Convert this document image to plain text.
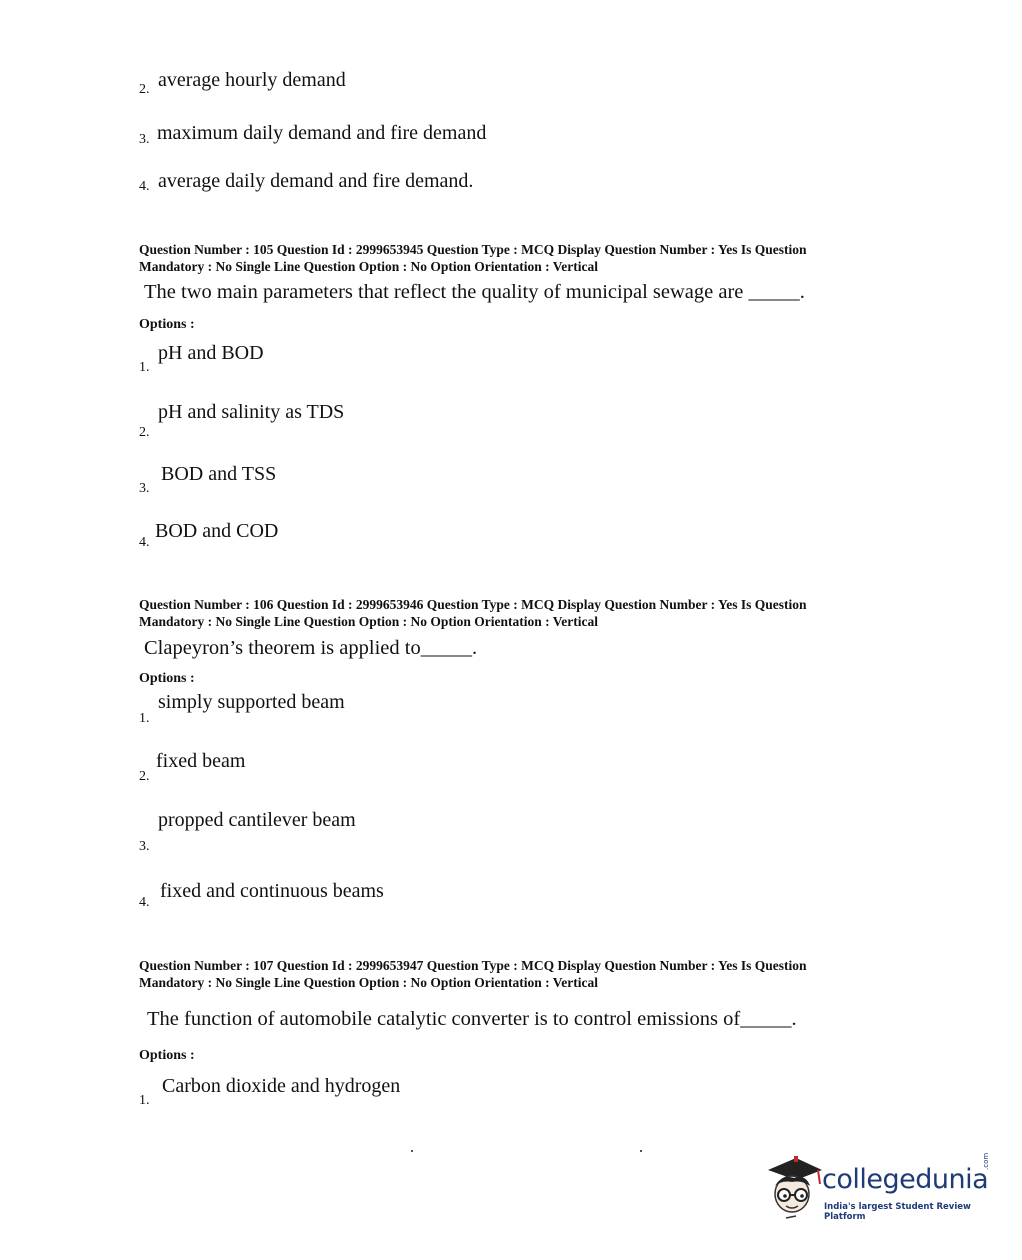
2. average hourly demand
3. maximum daily demand and fire demand
4. average daily demand and fire demand.
Question Number : 105 Question Id : 2999653945 Question Type : MCQ Display Question Number : Yes Is Question
Mandatory : No Single Line Question Option : No Option Orientation : Vertical
The two main parameters that reflect the quality of municipal sewage are _____.
Options :
1.
pH and BOD
2.
pH and salinity as TDS
3.
BOD and TSS
4.
BOD and COD
Question Number : 106 Question Id : 2999653946 Question Type : MCQ Display Question Number : Yes Is Question
Mandatory : No Single Line Question Option : No Option Orientation : Vertical
Clapeyron’s theorem is applied to_____.
Options :
1.
simply supported beam
2.
fixed beam
3.
propped cantilever beam
4.
fixed and continuous beams
Question Number : 107 Question Id : 2999653947 Question Type : MCQ Display Question Number : Yes Is Question
Mandatory : No Single Line Question Option : No Option Orientation : Vertical
The function of automobile catalytic converter is to control emissions of_____.
Options :
1.
Carbon dioxide and hydrogen
collegedunia
.com
India's largest Student Review Platform
